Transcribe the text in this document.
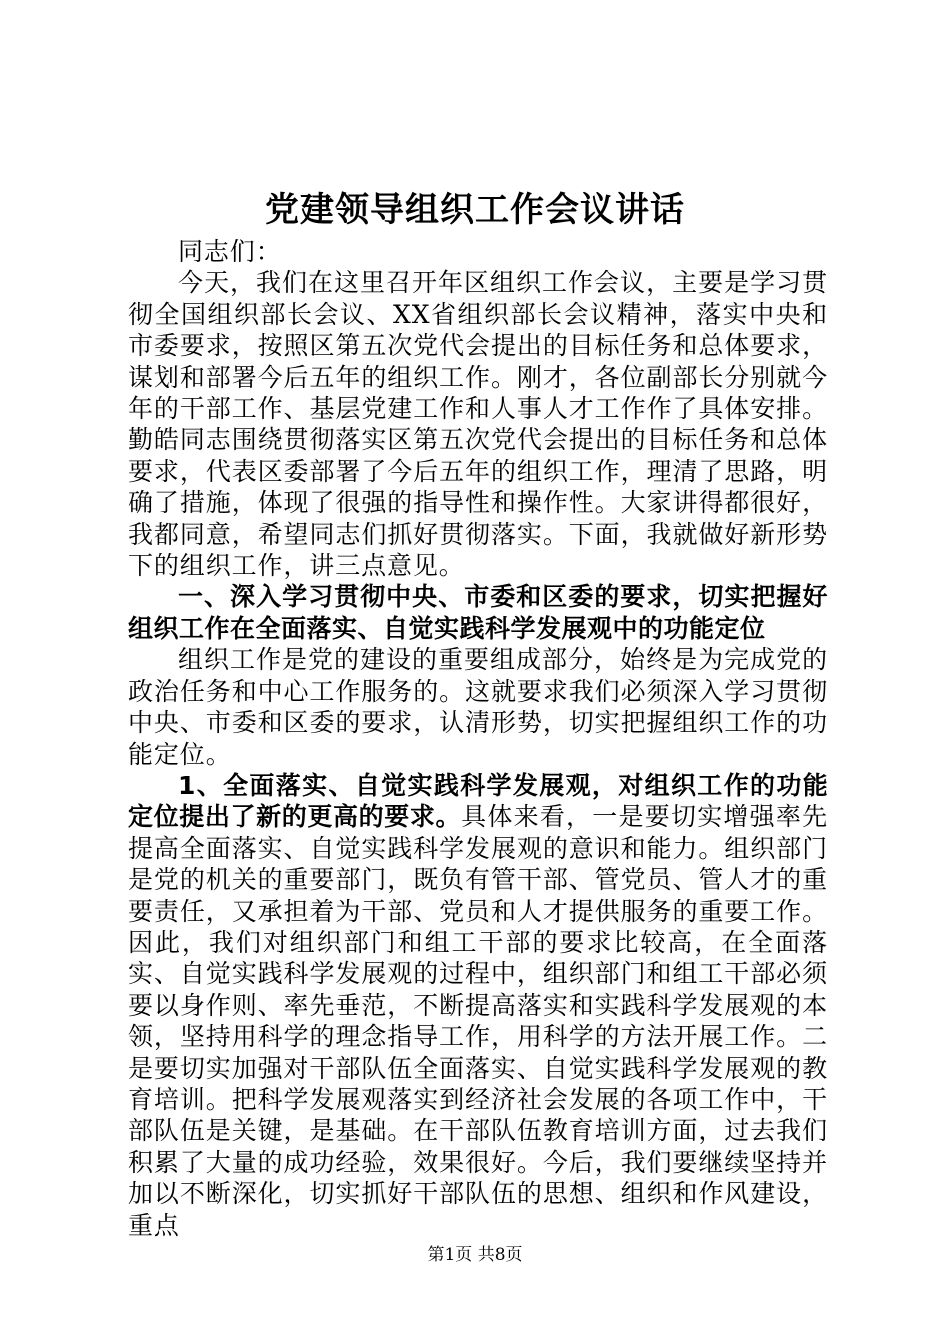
党建领导组织工作会议讲话

同志们：

今天，我们在这里召开年区组织工作会议，主要是学习贯彻全国组织部长会议、XX省组织部长会议精神，落实中央和市委要求，按照区第五次党代会提出的目标任务和总体要求，谋划和部署今后五年的组织工作。刚才，各位副部长分别就今年的干部工作、基层党建工作和人事人才工作作了具体安排。勤皓同志围绕贯彻落实区第五次党代会提出的目标任务和总体要求，代表区委部署了今后五年的组织工作，理清了思路，明确了措施，体现了很强的指导性和操作性。大家讲得都很好，我都同意，希望同志们抓好贯彻落实。下面，我就做好新形势下的组织工作，讲三点意见。

一、深入学习贯彻中央、市委和区委的要求，切实把握好组织工作在全面落实、自觉实践科学发展观中的功能定位

组织工作是党的建设的重要组成部分，始终是为完成党的政治任务和中心工作服务的。这就要求我们必须深入学习贯彻中央、市委和区委的要求，认清形势，切实把握组织工作的功能定位。

1、全面落实、自觉实践科学发展观，对组织工作的功能定位提出了新的更高的要求。具体来看，一是要切实增强率先提高全面落实、自觉实践科学发展观的意识和能力。组织部门是党的机关的重要部门，既负有管干部、管党员、管人才的重要责任，又承担着为干部、党员和人才提供服务的重要工作。因此，我们对组织部门和组工干部的要求比较高，在全面落实、自觉实践科学发展观的过程中，组织部门和组工干部必须要以身作则、率先垂范，不断提高落实和实践科学发展观的本领，坚持用科学的理念指导工作，用科学的方法开展工作。二是要切实加强对干部队伍全面落实、自觉实践科学发展观的教育培训。把科学发展观落实到经济社会发展的各项工作中，干部队伍是关键，是基础。在干部队伍教育培训方面，过去我们积累了大量的成功经验，效果很好。今后，我们要继续坚持并加以不断深化，切实抓好干部队伍的思想、组织和作风建设，重点

第1页 共8页
